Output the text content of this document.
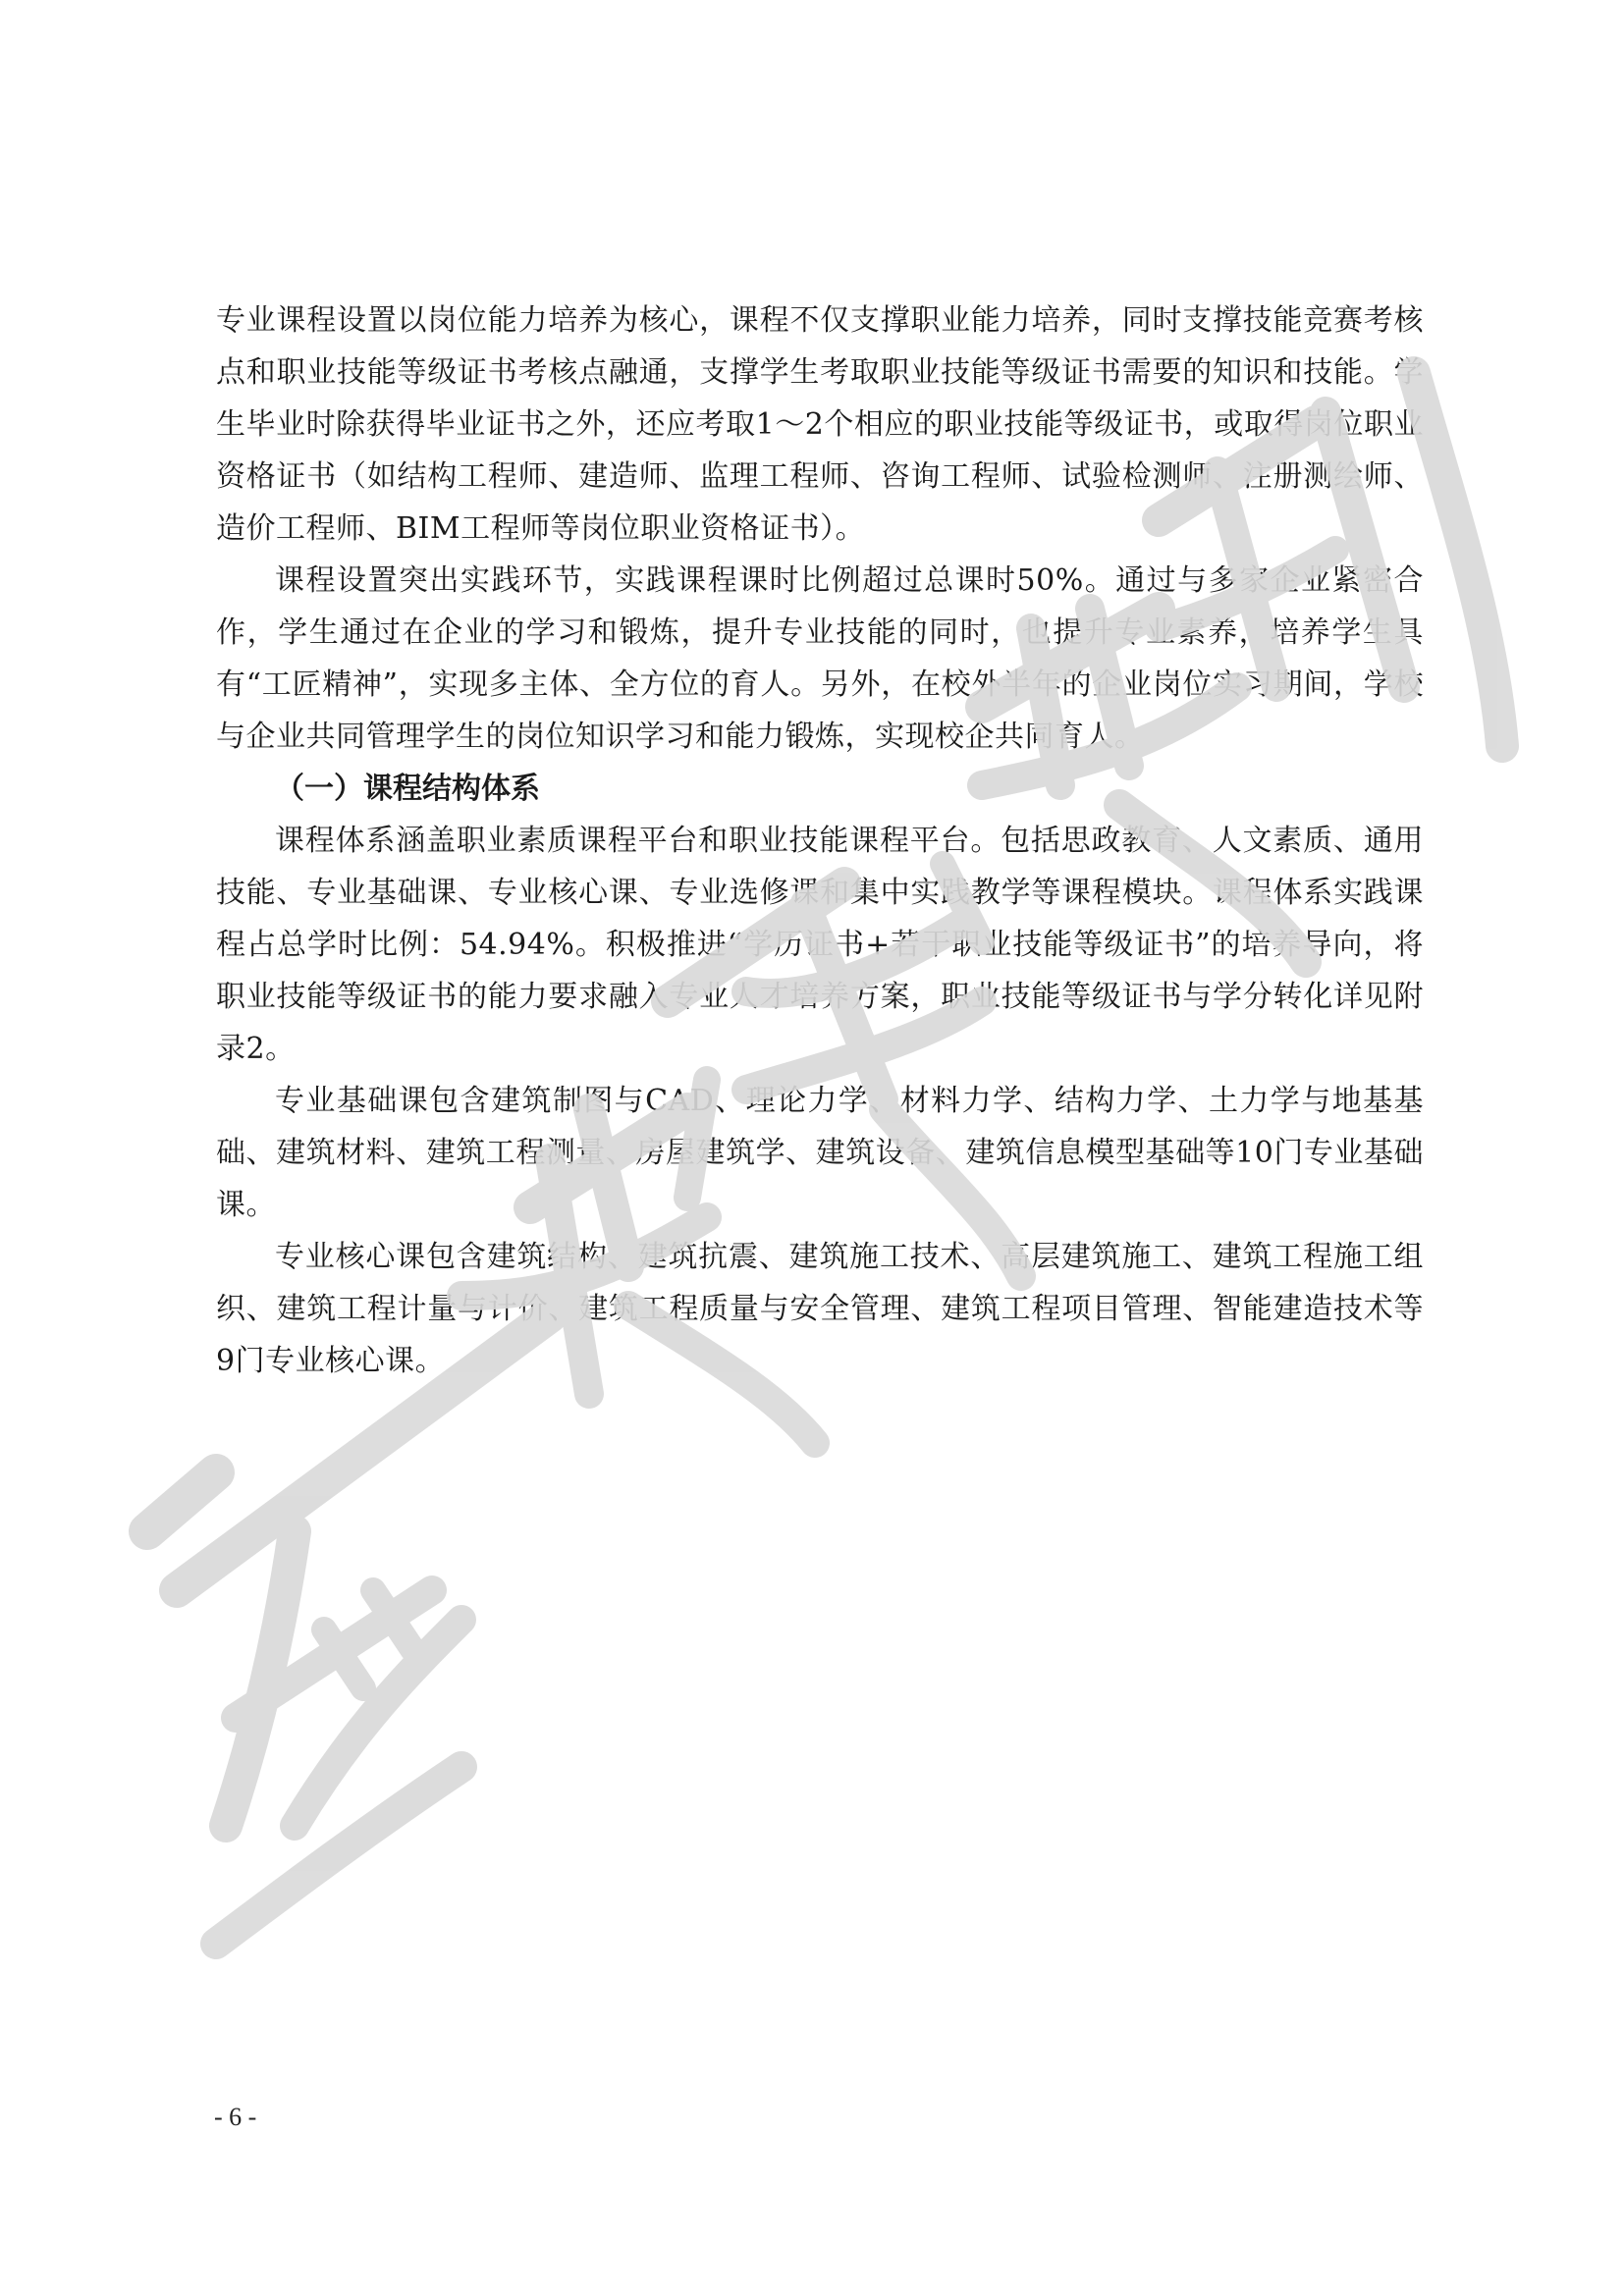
专业课程设置以岗位能力培养为核心，课程不仅支撑职业能力培养，同时支撑技能竞赛考核点和职业技能等级证书考核点融通，支撑学生考取职业技能等级证书需要的知识和技能。学生毕业时除获得毕业证书之外，还应考取1～2个相应的职业技能等级证书，或取得岗位职业资格证书（如结构工程师、建造师、监理工程师、咨询工程师、试验检测师、注册测绘师、造价工程师、BIM工程师等岗位职业资格证书）。

课程设置突出实践环节，实践课程课时比例超过总课时50%。通过与多家企业紧密合作，学生通过在企业的学习和锻炼，提升专业技能的同时，也提升专业素养，培养学生具有“工匠精神”，实现多主体、全方位的育人。另外，在校外半年的企业岗位实习期间，学校与企业共同管理学生的岗位知识学习和能力锻炼，实现校企共同育人。

（一）课程结构体系

课程体系涵盖职业素质课程平台和职业技能课程平台。包括思政教育、人文素质、通用技能、专业基础课、专业核心课、专业选修课和集中实践教学等课程模块。课程体系实践课程占总学时比例：54.94%。积极推进“学历证书+若干职业技能等级证书”的培养导向，将职业技能等级证书的能力要求融入专业人才培养方案，职业技能等级证书与学分转化详见附录2。

专业基础课包含建筑制图与CAD、理论力学、材料力学、结构力学、土力学与地基基础、建筑材料、建筑工程测量、房屋建筑学、建筑设备、建筑信息模型基础等10门专业基础课。

专业核心课包含建筑结构、建筑抗震、建筑施工技术、高层建筑施工、建筑工程施工组织、建筑工程计量与计价、建筑工程质量与安全管理、建筑工程项目管理、智能建造技术等9门专业核心课。

- 6 -
